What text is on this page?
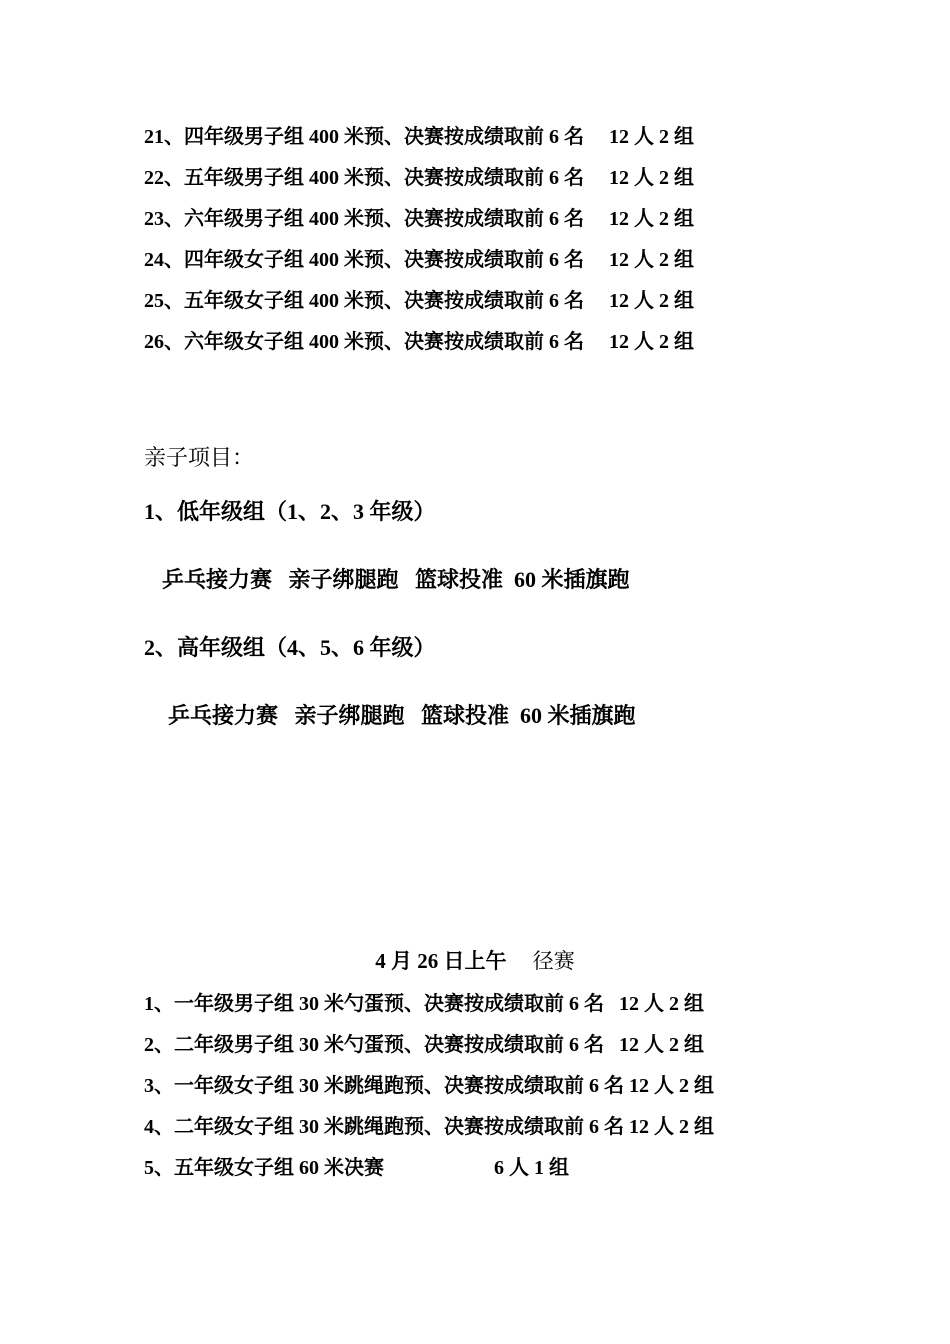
21、四年级男子组 400 米预、决赛按成绩取前 6 名     12 人 2 组
22、五年级男子组 400 米预、决赛按成绩取前 6 名     12 人 2 组
23、六年级男子组 400 米预、决赛按成绩取前 6 名     12 人 2 组
24、四年级女子组 400 米预、决赛按成绩取前 6 名     12 人 2 组
25、五年级女子组 400 米预、决赛按成绩取前 6 名     12 人 2 组
26、六年级女子组 400 米预、决赛按成绩取前 6 名     12 人 2 组
亲子项目：
1、低年级组（1、2、3 年级）
乒乓接力赛   亲子绑腿跑   篮球投准  60 米插旗跑
2、高年级组（4、5、6 年级）
乒乓接力赛   亲子绑腿跑   篮球投准  60 米插旗跑
4 月 26 日上午 径赛
1、一年级男子组 30 米勺蛋预、决赛按成绩取前 6 名   12 人 2 组
2、二年级男子组 30 米勺蛋预、决赛按成绩取前 6 名   12 人 2 组
3、一年级女子组 30 米跳绳跑预、决赛按成绩取前 6 名 12 人 2 组
4、二年级女子组 30 米跳绳跑预、决赛按成绩取前 6 名 12 人 2 组
5、五年级女子组 60 米决赛                      6 人 1 组
